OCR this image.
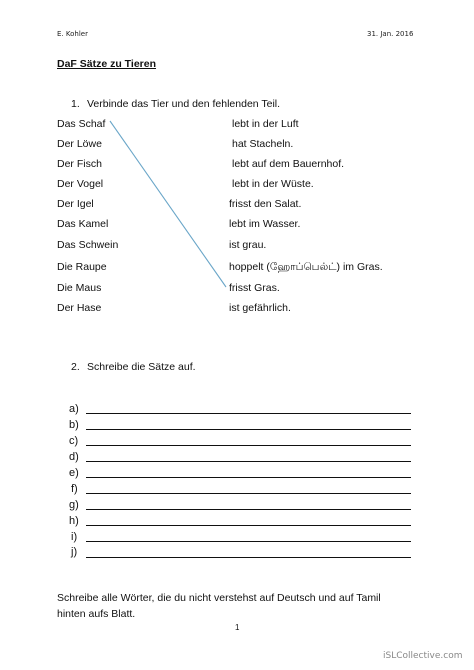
E. Kohler	31. Jan. 2016
DaF Sätze zu Tieren
1. Verbinde das Tier und den fehlenden Teil.
Das Schaf
Der Löwe
Der Fisch
Der Vogel
Der Igel
Das Kamel
Das Schwein
Die Raupe
Die Maus
Der Hase
lebt in der Luft
hat Stacheln.
lebt auf dem Bauernhof.
lebt in der Wüste.
frisst den Salat.
lebt im Wasser.
ist grau.
hoppelt (ஹோப்பெல்ட்) im Gras.
frisst Gras.
ist gefährlich.
2. Schreibe die Sätze auf.
a)
b)
c)
d)
e)
f)
g)
h)
i)
j)
Schreibe alle Wörter, die du nicht verstehst auf Deutsch und auf Tamil
hinten aufs Blatt.
1
iSLCollective.com
